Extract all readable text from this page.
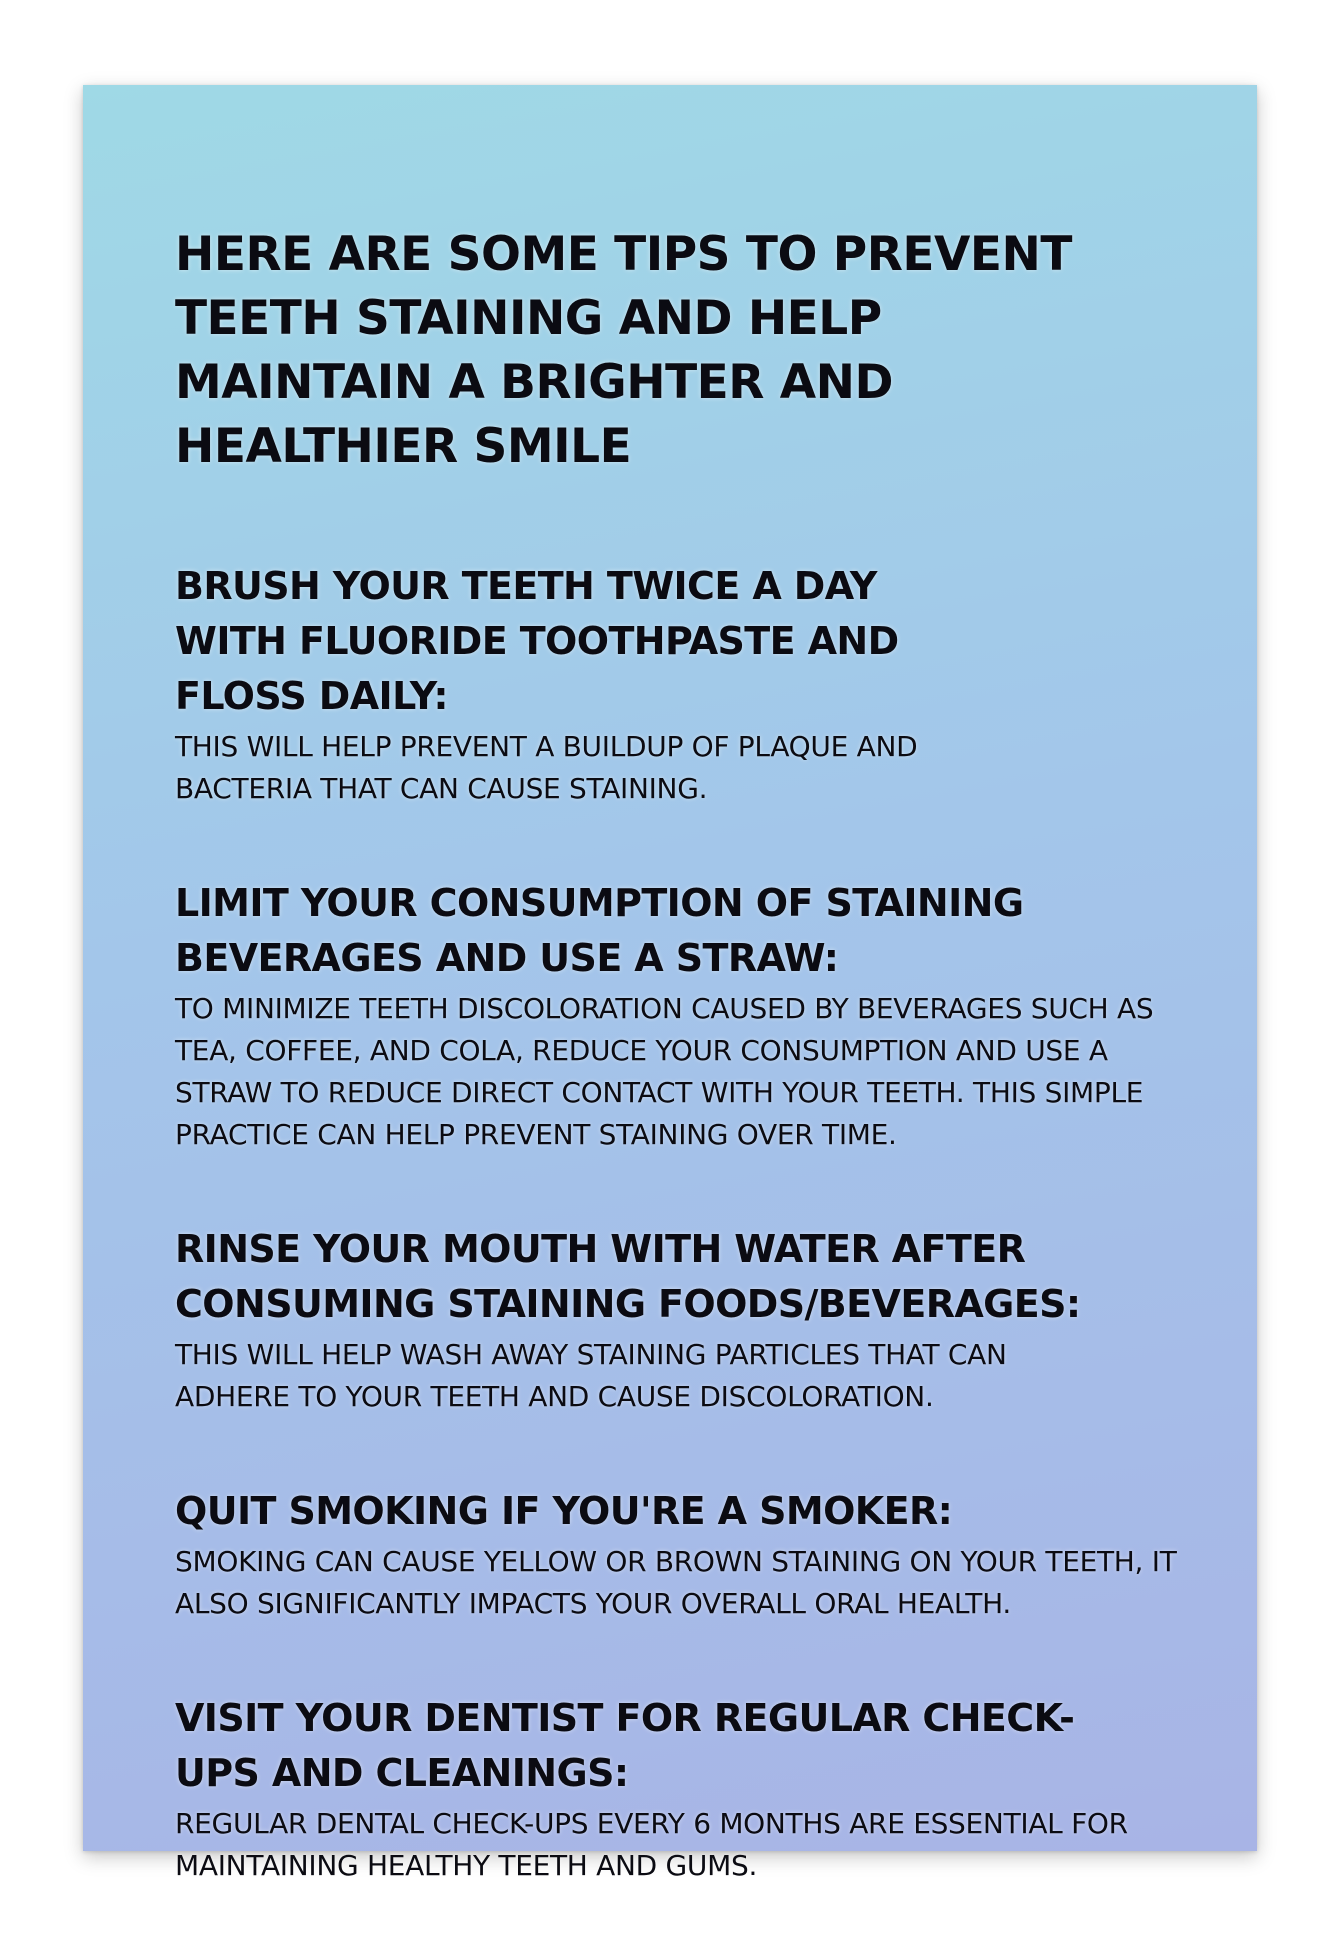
HERE ARE SOME TIPS TO PREVENT TEETH STAINING AND HELP MAINTAIN A BRIGHTER AND HEALTHIER SMILE
BRUSH YOUR TEETH TWICE A DAY WITH FLUORIDE TOOTHPASTE AND FLOSS DAILY:

THIS WILL HELP PREVENT A BUILDUP OF PLAQUE AND BACTERIA THAT CAN CAUSE STAINING.

LIMIT YOUR CONSUMPTION OF STAINING BEVERAGES AND USE A STRAW:

TO MINIMIZE TEETH DISCOLORATION CAUSED BY BEVERAGES SUCH AS TEA, COFFEE, AND COLA, REDUCE YOUR CONSUMPTION AND USE A STRAW TO REDUCE DIRECT CONTACT WITH YOUR TEETH. THIS SIMPLE PRACTICE CAN HELP PREVENT STAINING OVER TIME.

RINSE YOUR MOUTH WITH WATER AFTER CONSUMING STAINING FOODS/BEVERAGES:

THIS WILL HELP WASH AWAY STAINING PARTICLES THAT CAN ADHERE TO YOUR TEETH AND CAUSE DISCOLORATION.

QUIT SMOKING IF YOU'RE A SMOKER:

SMOKING CAN CAUSE YELLOW OR BROWN STAINING ON YOUR TEETH, IT ALSO SIGNIFICANTLY IMPACTS YOUR OVERALL ORAL HEALTH.

VISIT YOUR DENTIST FOR REGULAR CHECK-UPS AND CLEANINGS:

REGULAR DENTAL CHECK-UPS EVERY 6 MONTHS ARE ESSENTIAL FOR MAINTAINING HEALTHY TEETH AND GUMS.
